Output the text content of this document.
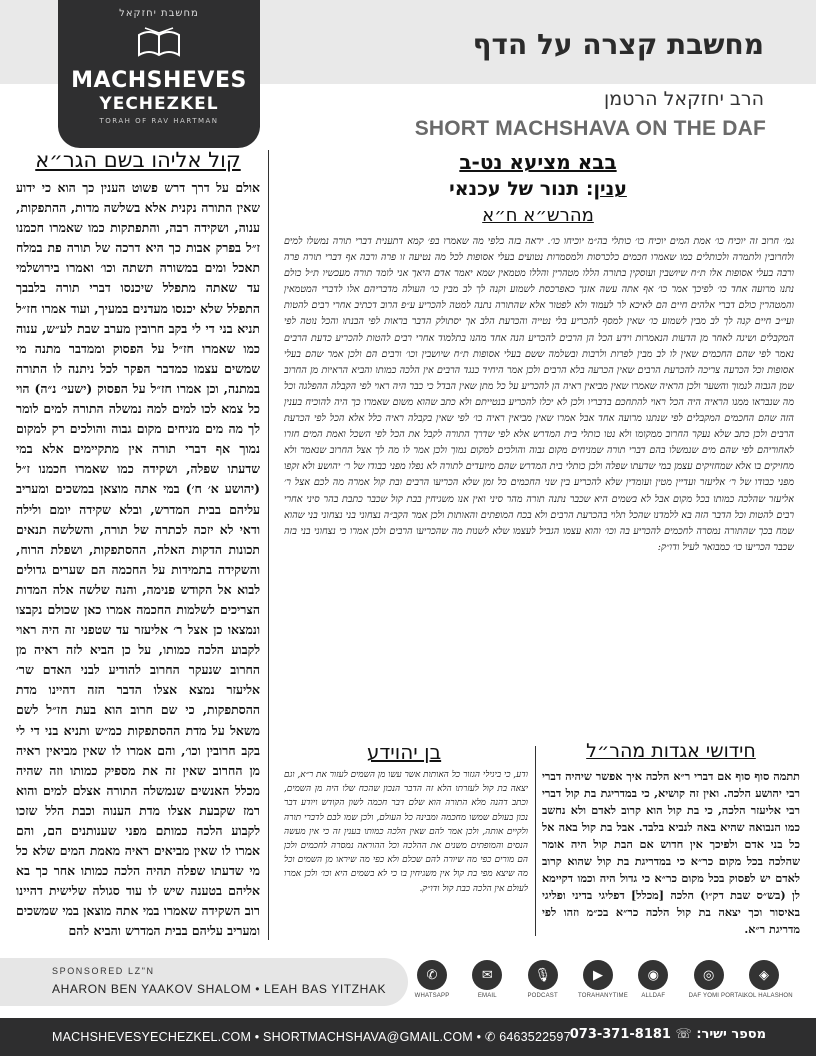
מחשבת יחזקאל
MACHSHEVES
YECHEZKEL
TORAH OF RAV HARTMAN
מחשבת קצרה על הדף
הרב יחזקאל הרטמן
SHORT MACHSHAVA ON THE DAF
קול אליהו בשם הגר״א
אולם על דרך דרש פשוט הענין כך הוא כי ידוע שאין התורה נקנית אלא בשלשה מדות, ההתפקות, ענוה, ושקידה רבה, והתפתקות כמו שאמרו חכמנו ז״ל בפרק אבות כך היא דרכה של תורה פת במלח תאכל ומים במשורה תשתה וכו׳ ואמרו בירושלמי עד שאתה מתפלל שיכנסו דברי תורה בלבבך התפלל שלא יכנסו מעדנים במעיך, ועוד אמרו חז״ל תניא בני די לי בקב חרובין מערב שבת לע״ש, ענוה כמו שאמרו חז״ל על הפסוק וממדבר מתנה מי שמשים עצמו כמדבר הפקר לכל ניתנה לו התורה במתנה, וכן אמרו חז״ל על הפסוק (ישעי׳ נ״ה) הוי כל צמא לכו למים למה נמשלה התורה למים לומר לך מה מים מניחים מקום גבוה והולכים רק למקום נמוך אף דברי תורה אין מתקיימים אלא במי שדעתו שפלה, ושקידה כמו שאמרו חכמנו ז״ל (יהושע א׳ ח׳) במי אתה מוצאן במשכים ומעריב עליהם בבית המדרש, ובלא שקידה יומם ולילה ודאי לא יזכה לכתרה של תורה, והשלשה תנאים תכונות הדקות האלה, ההסתפקות, ושפלת הרוח, והשקידה בתמידות על החכמה הם שערים גדולים לבוא אל הקודש פנימה, והנה שלשה אלה המדות הצריכים לשלמות החכמה אמרו כאן שכולם נקבצו ונמצאו כן אצל ר׳ אליעזר עד שטפני זה היה ראוי לקבוע הלכה כמותו, על כן הביא לזה ראיה מן החרוב שנעקר החרוב להודיע לבני האדם שר׳ אליעזר נמצא אצלו הדבר הזה דהיינו מדת ההסתפקות, כי שם חרוב הוא בעת חז״ל לשם משאל על מדת ההסתפקות כמ״ש ותניא בני די לי בקב חרובין וכו׳, והם אמרו לו שאין מביאין ראיה מן החרוב שאין זה את מספיק כמותו וזה שהיה מכלל האנשים שנמשלה התורה אצלם למים והוא רמז שקבעת אצלו מדת הענוה וכבת הלל שזכו לקבוע הלכה כמותם מפני שענותנים הם, והם אמרו לו שאין מביאים ראיה מאמת המים שלא כל מי שדעתו שפלה תהיה הלכה כמותו אחר כך בא אליהם בטענה שיש לו עוד סגולה שלישית דהיינו רוב השקידה שאמרו במי אתה מוצאן במי שמשכים ומעריב עליהם בבית המדרש והביא להם
בבא מציעא נט-ב
ענין: תנור של עכנאי
מהרש״א ח״א
גמ׳ חרוב זה יוכיח כו׳ אמת המים יוכיח כו׳ כותלי בה״מ יוכיחו כו׳. יראה בזה כלפי מה שאמרו בפ׳ קמא דתענית דברי תורה נמשלו למים ולחרובין ולתמרה ולכותלים כמו שאמרו חכמים כלכרסות ולמסמרות נטועים בעלי אסופות לכל מה נטיעה זו פרה ורבה אף דברי תורה פרה ורבה בעלי אסופות אלו ת״ח שיושבין ועוסקין בתורה הללו מטהרין והללו מטמאין שמא יאמר אדם היאך אני לומד תורה מעכשיו ת״ל כולם נתנו מרועה אחד כו׳ לפיכך אמר כו׳ אף אתה עשה אזנך כאפרכסת לשמוע וקנה לך לב מבין כו׳ העולה מדבריהם אלו לדברי המטמאין והמטהרין כולם דברי אלהים חיים הם לאיכא לר לעמוד ולא לפטור אלא שהתורה נתנה למטה להכריע ע״פ הרוב דכתיב אחרי רבים להטות ועי״ב חיים קנה לך לב מבין לשמוע כו׳ שאין למסף להכריע בלי נטייה והכרעת הלב אך יסתולק הדבר בראות לפי הבנתו והכל נוטה לפי המקבלים ושיגה לאחר מן הדעות הנאמרות וידע הכל הן הרבים להכריע הנה אחד מהנו בתלמוד אחרי רבים להטות להכריע כדעת הרבים נאמר לפי שהם החכמים שאין לו לב מבין לפרות ולרבות ובשלמה ששם בעלי אסופות ת״ח שיושבין וכו׳ ורבים הם ולכן אמר שהם בעלי אסופות וכל הכרעה צריכה להכרעת הרבים שאין הכרעה בלא הרבים ולכן אמר היחיד כנגד הרבים אין הלכה כמותו והביא הראיות מן החרוב שמן הגבוה לנמוך והשער ולכן הראיה שאמרו שאין מביאין ראיה הן להכריע על כל מתן שאין הבדל כי כבר היה ראוי לפי הקבלה ההפלגה וכל מה שנבראו ממנו הראיה היה הכל ראוי להתחכם בדבריו ולכן לא יכלו להכריע בנטייתם ולא כתב שהוא משום שאמרו כך היה להוכיח בענין הזה שהם החכמים המקבלים לפי שנתנו מרועה אחד אבל אמרו שאין מביאין ראיה כו׳ לפי שאין בקבלה ראיה כלל אלא הכל לפי הכרעת הרבים ולכן כתב שלא נעקר החרוב ממקומו ולא נטו כותלי בית המדרש אלא לפי שדרך התורה לקבל את הכל לפי השכל ואמת המים חזרו לאחוריהם לפי שהם מים שנמשלו בהם דברי תורה שמניחים מקום גבוה והולכים למקום נמוך ולכן אמר לו מה לך אצל החרוב שנאמר ולא מחזיקים בו אלא שמחזיקים עצמן במי שדעתו שפלה ולכן כותלי בית המדרש שהם מיועדים לתורה לא נפלו מפני כבודו של ר׳ יהושע ולא זקפו מפני כבודו של ר׳ אליעזר ועדיין מטין ועומדין שלא להכריע בין שני החכמים כל זמן שלא הכריעו הרבים ובת קול אמרה מה לכם אצל ר׳ אליעזר שהלכה כמותו בכל מקום אבל לא בשמים היא שכבר נתנה תורה מהר סיני ואין אנו משגיחין בבת קול שכבר כתבת בהר סיני אחרי רבים להטות וכל הדבר הזה בא ללמדנו שהכל תלוי בהכרעת הרבים ולא בכח המופתים והאותות ולכן אמר הקב״ה נצחוני בני נצחוני בני שהוא שמח בכך שהתורה נמסרה לחכמים להכריע בה וכו׳ והוא עצמו הגביל לעצמו שלא לשנות מה שהכריעו הרבים ולכן אמרו כי נצחוני בני בזה שכבר הכריעו כו׳ כמבואר לעיל ודו״ק:
חידושי אגדות מהר״ל
תתמה סוף סוף אם דברי ר״א הלכה איך אפשר שיהיה דברי רבי יהושע הלכה. ואין זה קושיא, כי במדריגת בת קול דברי רבי אליעזר הלכה, כי בת קול הוא קרוב לאדם ולא נחשב כמו הנבואה שהיא באה לנביא בלבד. אבל בת קול באה אל כל בני אדם ולפיכך אין חדוש אם הבת קול היה אומר שהלכה בכל מקום כר״א כי במדריגת בת קול שהוא קרוב לאדם יש לפסוק בכל מקום כר״א כי גדול היה וכמו דקיימא לן (בש״ס שבת דק״ו) הלכה [מכלל] דפליגי בדיני ופליגי באיסור וכך יצאה בת קול הלכה כר״א בכ״מ וזהו לפי מדריגת ר״א.
בן יהוידע
ודע, כי ביגילי הגזור כל האותות אשר עשו מן השמים לעזור את ר״א, וגם יצאה בת קול לעזרתו הלא זה הדבר הנכון שהכח שלו היה מן השמים, וכתב דהנה מלא התורה הוא שלם דבר חכמה לשון הקודש ויודע דבר נכון בעולם שמשו מחכמה ומבינה כל העולם, ולכן שמו לבם לדברי תורה ולקיים אותה, ולכן אמר להם שאין הלכה כמותו בענין זה כי אין מעשה הנסים והמופתים משנים את ההלכה וכל ההוראה נמסרה לחכמים ולכן הם מורים כפי מה שיורה להם שכלם ולא כפי מה שיראו מן השמים וכל מה שיצא מפי בת קול אין משגיחין בו כי לא בשמים היא וכו׳ ולכן אמרו לעולם אין הלכה כבת קול ודו״ק.
SPONSORED LZ"N
AHARON BEN YAAKOV SHALOM • LEAH BAS YITZHAK
✆
WHATSAPP
✉
EMAIL
🎙
PODCAST
▶
TORAHANYTIME
◉
ALLDAF
◎
DAF YOMI PORTAL
◈
KOL HALASHON
MACHSHEVESYECHEZKEL.COM • SHORTMACHSHAVA@GMAIL.COM • ✆ 6463522597	מספר ישיר: ☏ 073-371-8181
